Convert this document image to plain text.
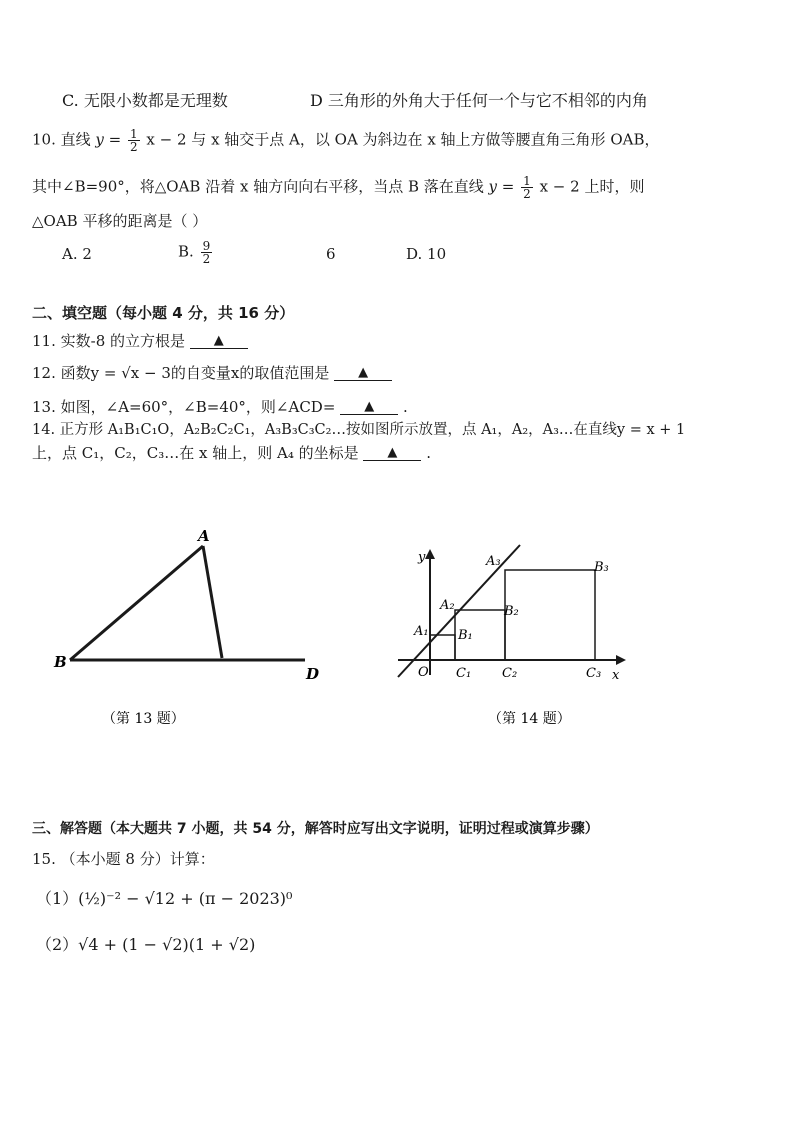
C. 无限小数都是无理数	D 三角形的外角大于任何一个与它不相邻的内角
10. 直线 $y = \frac{1}{2}$ x − 2 与 x 轴交于点 A，以 OA 为斜边在 x 轴上方做等腰直角三角形 OAB，
其中∠B=90°，将△OAB 沿着 x 轴方向向右平移，当点 B 落在直线 $y = \frac{1}{2}$ x − 2 上时，则
△OAB 平移的距离是（ ）
A. 2	B. $\frac{9}{2}$	6	D. 10
二、填空题（每小题 4 分，共 16 分）
11. 实数-8 的立方根是 ▲
12. 函数y = √x − 3的自变量x的取值范围是 ▲
13. 如图，∠A=60°，∠B=40°，则∠ACD= ▲ .
14. 正方形 A₁B₁C₁O，A₂B₂C₂C₁，A₃B₃C₃C₂…按如图所示放置，点 A₁，A₂，A₃…在直线y = x + 1
上，点 C₁，C₂，C₃…在 x 轴上，则 A₄ 的坐标是 ▲ .
A
B
D
（第 13 题）
y
x
O
A₁
A₂
A₃
B₁
B₂
B₃
C₁ C₂	C₃
（第 14 题）
三、解答题（本大题共 7 小题，共 54 分，解答时应写出文字说明，证明过程或演算步骤）
15. （本小题 8 分）计算：
（1）(½)⁻² − √12 + (π − 2023)⁰
（2）√4 + (1 − √2)(1 + √2)
